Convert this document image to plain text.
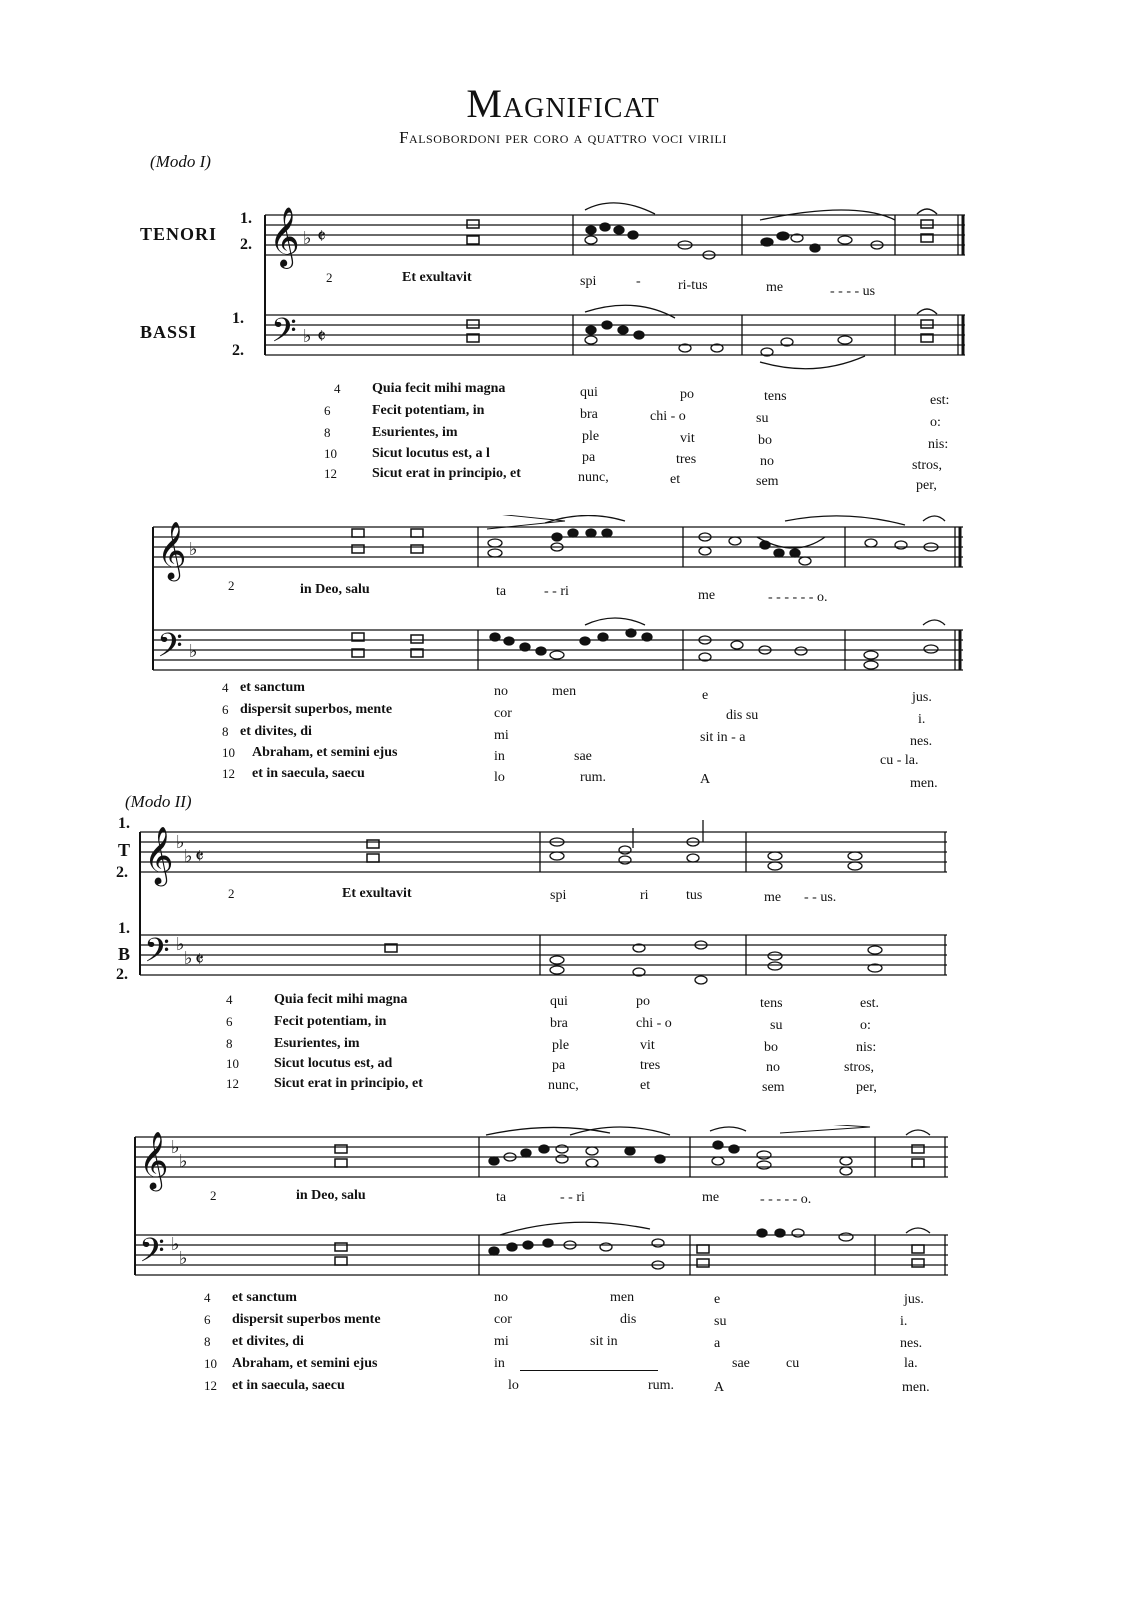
Magnificat
Falsobordoni per coro a quattro voci virili
(Modo I)
TENORI
1.
2.
BASSI
1.
2.
𝄞
𝄢
♭
♭
𝄵
𝄵
2	Et exultavit	spi	-	ri-tus	me	- - - - us
4 Quia fecit mihi magna	qui	po	tens	est:
6	Fecit potentiam, in	bra	chi - o	su	o:
8	Esurientes, im	ple	vit	bo	nis:
10	Sicut locutus est, a l	pa	tres	no	stros,
12	Sicut erat in principio, et	nunc,	et	sem	per,
𝄞
𝄢
♭
♭
2	in Deo, salu	ta	- - ri	me	- - - - - - o.
4 et sanctum	no	men	e	jus.
6 dispersit superbos, mente	cor	dis su	i.
8 et divites, di	mi	sit in - a	nes.
10 Abraham, et semini ejus	in	sae	cu - la.
12 et in saecula, saecu	lo	rum.	A	men.
(Modo II)
1.
T
2.
1.
B
2.
𝄞
𝄢
♭
♭
♭
♭
𝄵
𝄵
2	Et exultavit	spi	ri	tus	me - - us.
4	Quia fecit mihi magna	qui	po	tens	est.
6	Fecit potentiam, in	bra	chi - o	su	o:
8	Esurientes, im	ple	vit	bo	nis:
10	Sicut locutus est, ad	pa	tres	no	stros,
12	Sicut erat in principio, et	nunc,	et	sem	per,
𝄞
𝄢
♭
♭
♭
♭
2	in Deo, salu	ta	- - ri	me	- - - - - o.
4 et sanctum	no	men	e	jus.
6 dispersit superbos mente	cor	dis	su	i.
8 et divites, di	mi	sit in	a	nes.
10 Abraham, et semini ejus	in	sae	cu	la.
12 et in saecula, saecu	lo	rum.	A	men.
